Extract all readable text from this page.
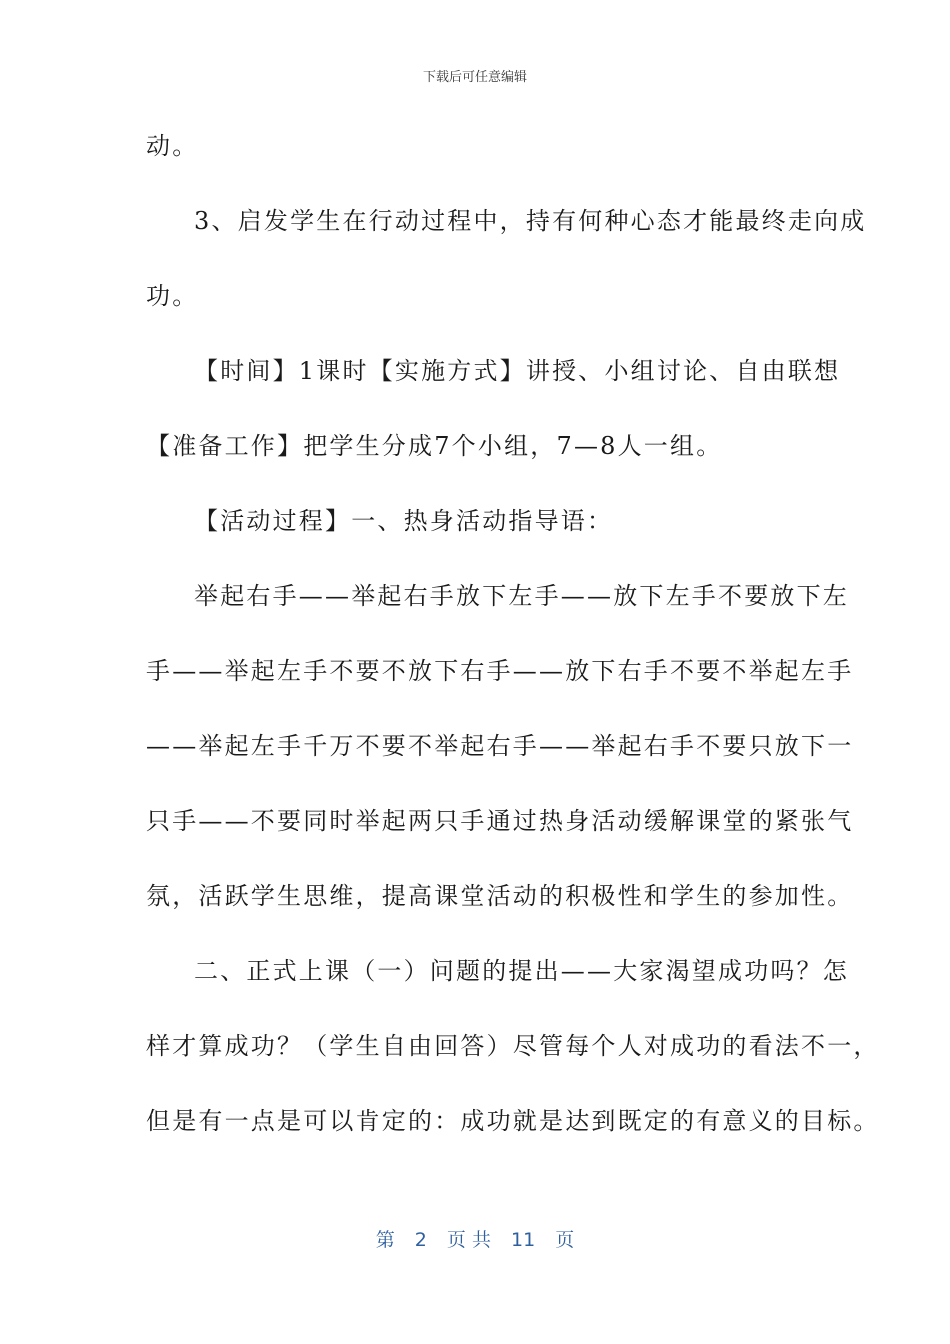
下载后可任意编辑
动。
3、启发学生在行动过程中，持有何种心态才能最终走向成
功。
【时间】1课时【实施方式】讲授、小组讨论、自由联想
【准备工作】把学生分成7个小组，7—8人一组。
【活动过程】一、热身活动指导语：
举起右手——举起右手放下左手——放下左手不要放下左
手——举起左手不要不放下右手——放下右手不要不举起左手
——举起左手千万不要不举起右手——举起右手不要只放下一
只手——不要同时举起两只手通过热身活动缓解课堂的紧张气
氛，活跃学生思维，提高课堂活动的积极性和学生的参加性。
二、正式上课（一）问题的提出——大家渴望成功吗？怎
样才算成功？（学生自由回答）尽管每个人对成功的看法不一，
但是有一点是可以肯定的：成功就是达到既定的有意义的目标。
第 2 页 共 11 页
